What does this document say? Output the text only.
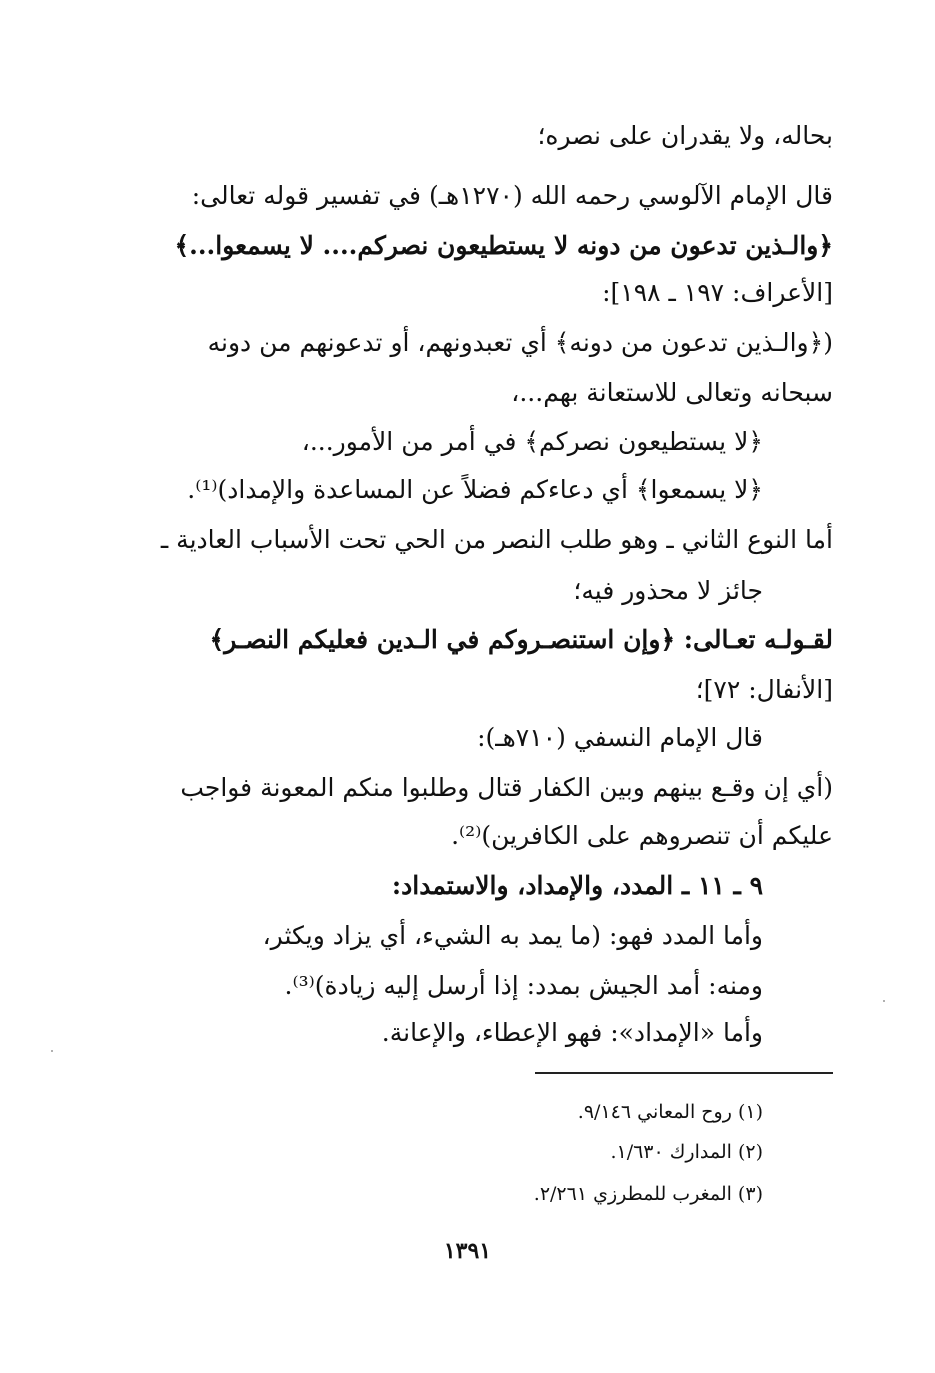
بحاله، ولا يقدران على نصره؛
قال الإمام الآلوسي رحمه الله (١٢٧٠هـ) في تفسير قوله تعالى:
﴿والـذين تدعون من دونه لا يستطيعون نصركم.... لا يسمعوا...﴾
[الأعراف: ١٩٧ ـ ١٩٨]:
(﴿والـذين تدعون من دونه﴾ أي تعبدونهم، أو تدعونهم من دونه
سبحانه وتعالى للاستعانة بهم...،
﴿لا يستطيعون نصركم﴾ في أمر من الأمور...،
﴿لا يسمعوا﴾ أي دعاءكم فضلاً عن المساعدة والإمداد)⁽¹⁾.
أما النوع الثاني ـ وهو طلب النصر من الحي تحت الأسباب العادية ـ
جائز لا محذور فيه؛
لقـولـه تعـالى: ﴿وإن استنصـروكم في الـدين فعليكم النصـر﴾
[الأنفال: ٧٢]؛
قال الإمام النسفي (٧١٠هـ):
(أي إن وقـع بينهم وبين الكفار قتال وطلبوا منكم المعونة فواجب
عليكم أن تنصروهم على الكافرين)⁽²⁾.
٩ ـ ١١ ـ المدد، والإمداد، والاستمداد:
وأما المدد فهو: (ما يمد به الشيء، أي يزاد ويكثر،
ومنه: أمد الجيش بمدد: إذا أرسل إليه زيادة)⁽³⁾.
وأما «الإمداد»: فهو الإعطاء، والإعانة.
(١) روح المعاني ٩/١٤٦.
(٢) المدارك ١/٦٣٠.
(٣) المغرب للمطرزي ٢/٢٦١.
١٣٩١
